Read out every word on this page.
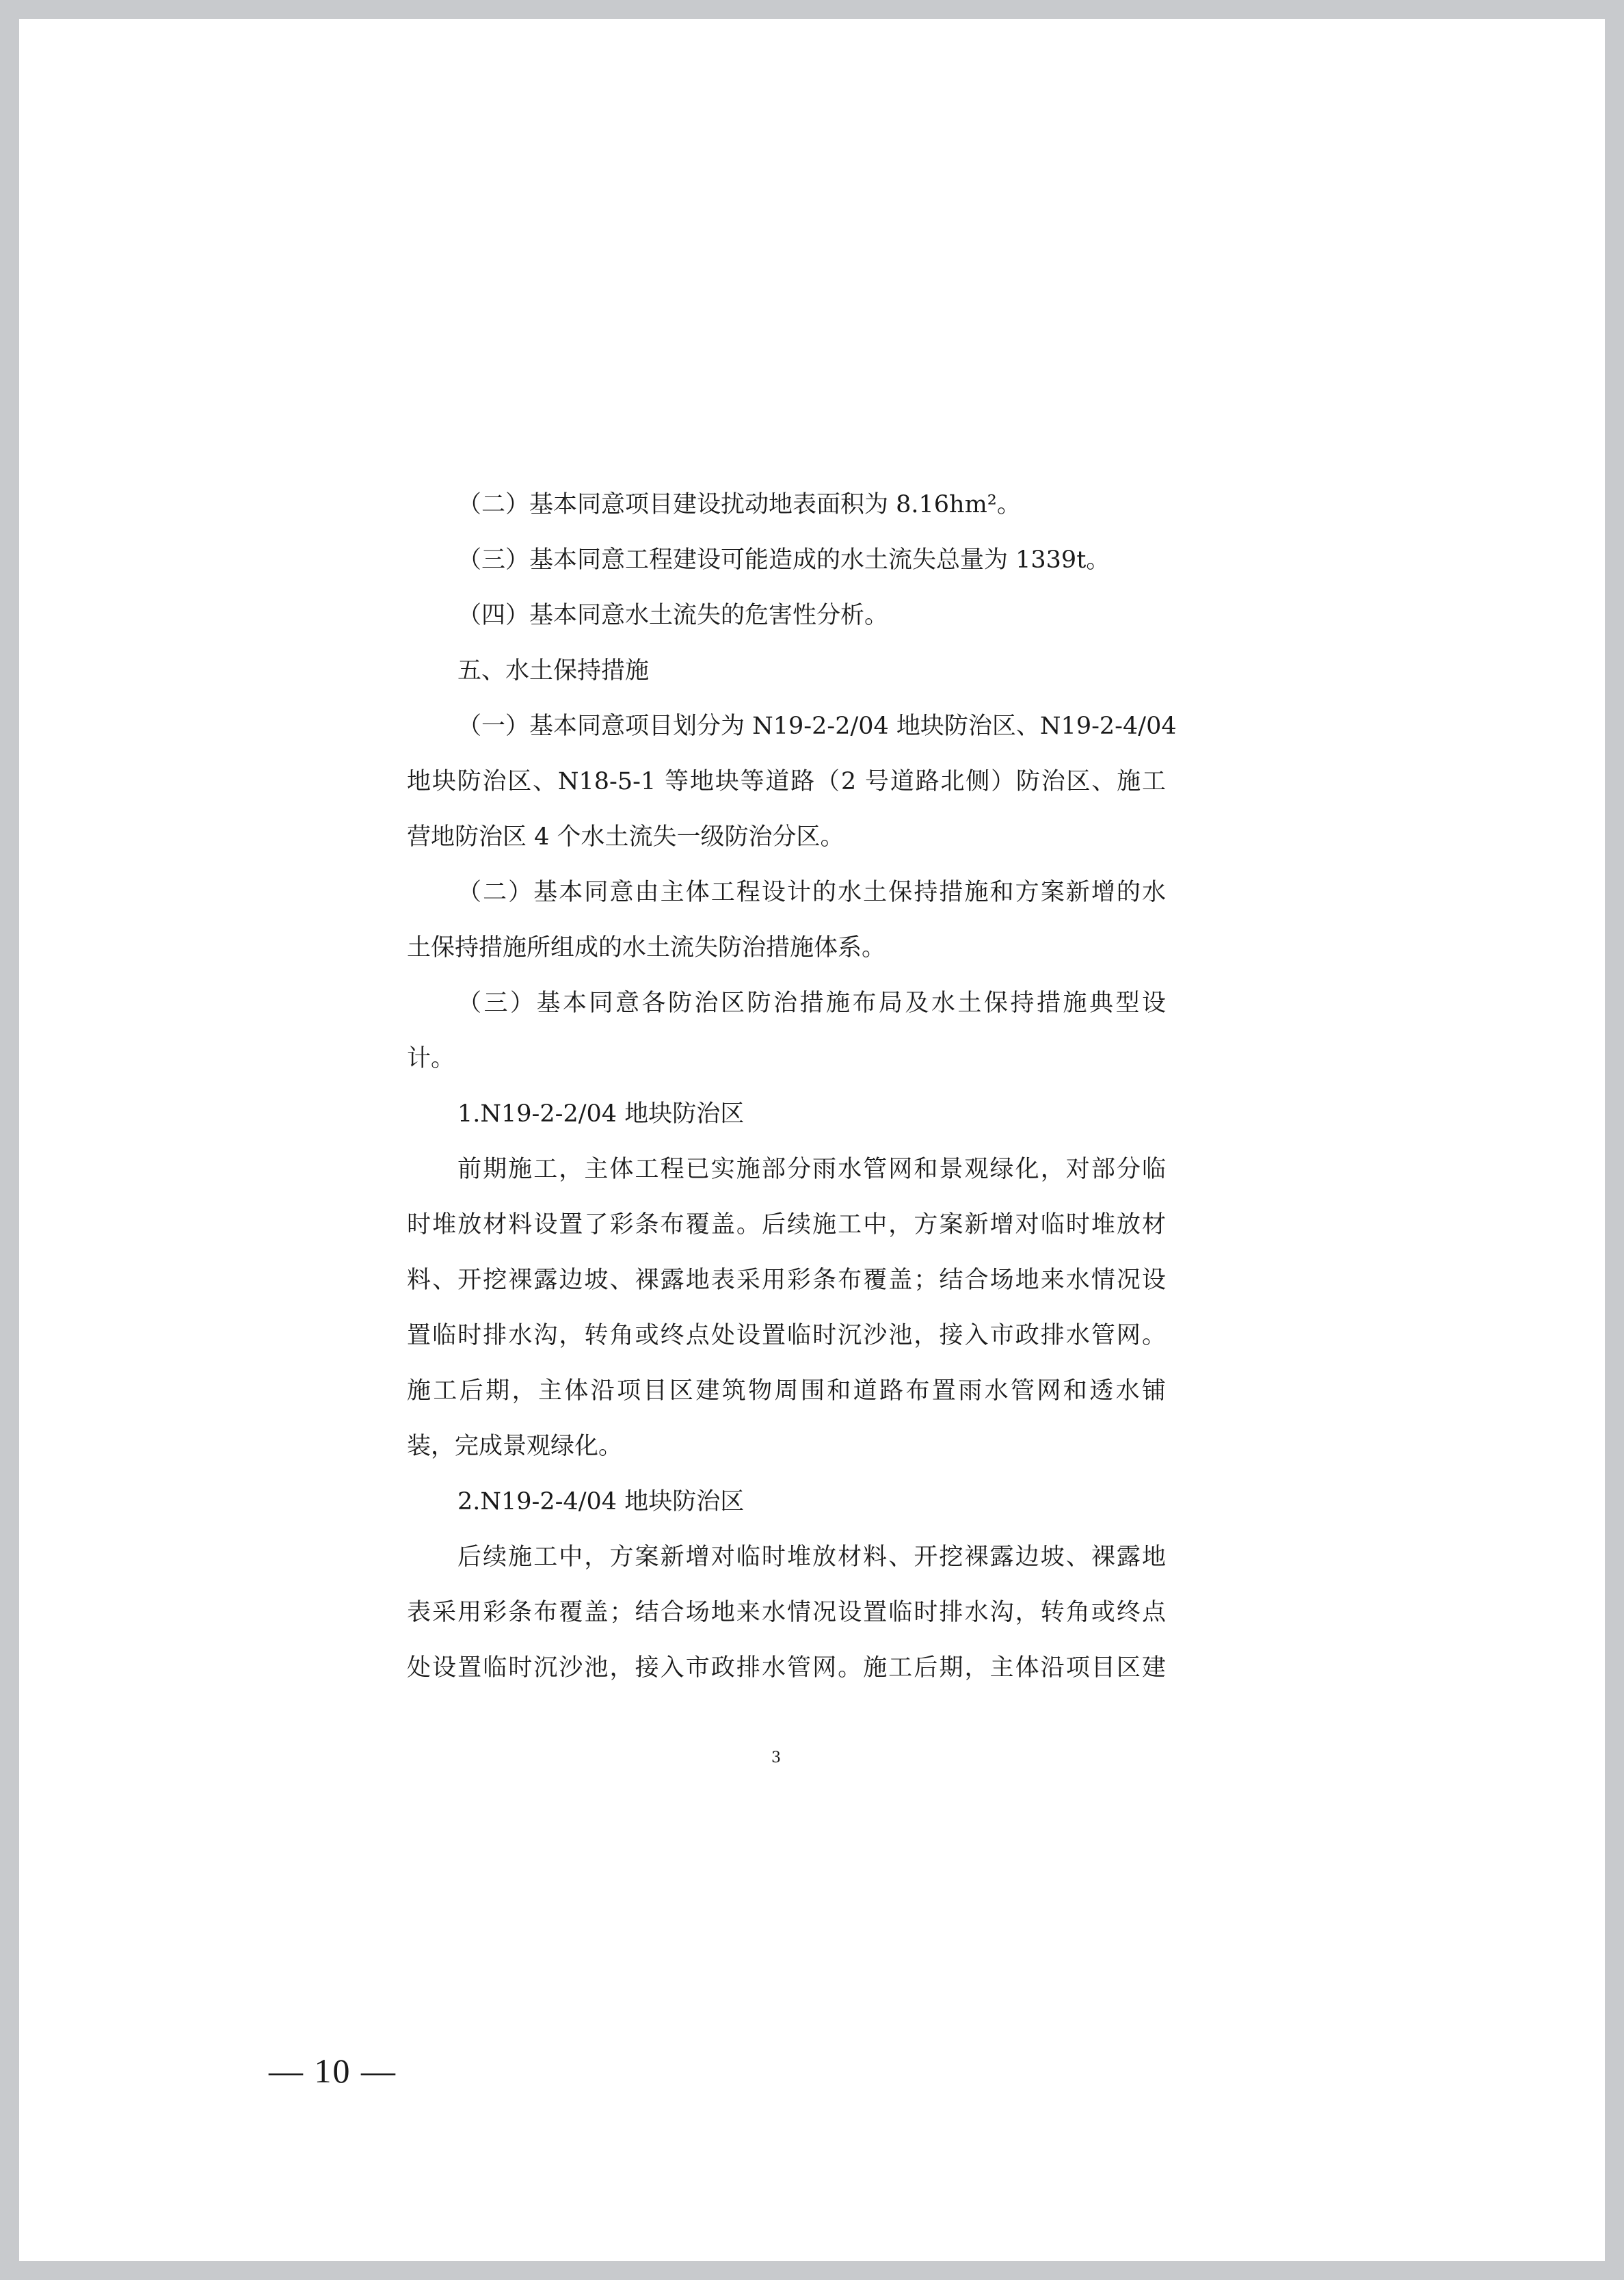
（二）基本同意项目建设扰动地表面积为 8.16hm²。
（三）基本同意工程建设可能造成的水土流失总量为 1339t。
（四）基本同意水土流失的危害性分析。
五、水土保持措施
（一）基本同意项目划分为 N19-2-2/04 地块防治区、N19-2-4/04
地块防治区、N18-5-1 等地块等道路（2 号道路北侧）防治区、施工
营地防治区 4 个水土流失一级防治分区。
（二）基本同意由主体工程设计的水土保持措施和方案新增的水
土保持措施所组成的水土流失防治措施体系。
（三）基本同意各防治区防治措施布局及水土保持措施典型设
计。
1.N19-2-2/04 地块防治区
前期施工，主体工程已实施部分雨水管网和景观绿化，对部分临
时堆放材料设置了彩条布覆盖。后续施工中，方案新增对临时堆放材
料、开挖裸露边坡、裸露地表采用彩条布覆盖；结合场地来水情况设
置临时排水沟，转角或终点处设置临时沉沙池，接入市政排水管网。
施工后期，主体沿项目区建筑物周围和道路布置雨水管网和透水铺
装，完成景观绿化。
2.N19-2-4/04 地块防治区
后续施工中，方案新增对临时堆放材料、开挖裸露边坡、裸露地
表采用彩条布覆盖；结合场地来水情况设置临时排水沟，转角或终点
处设置临时沉沙池，接入市政排水管网。施工后期，主体沿项目区建
3
— 10 —
